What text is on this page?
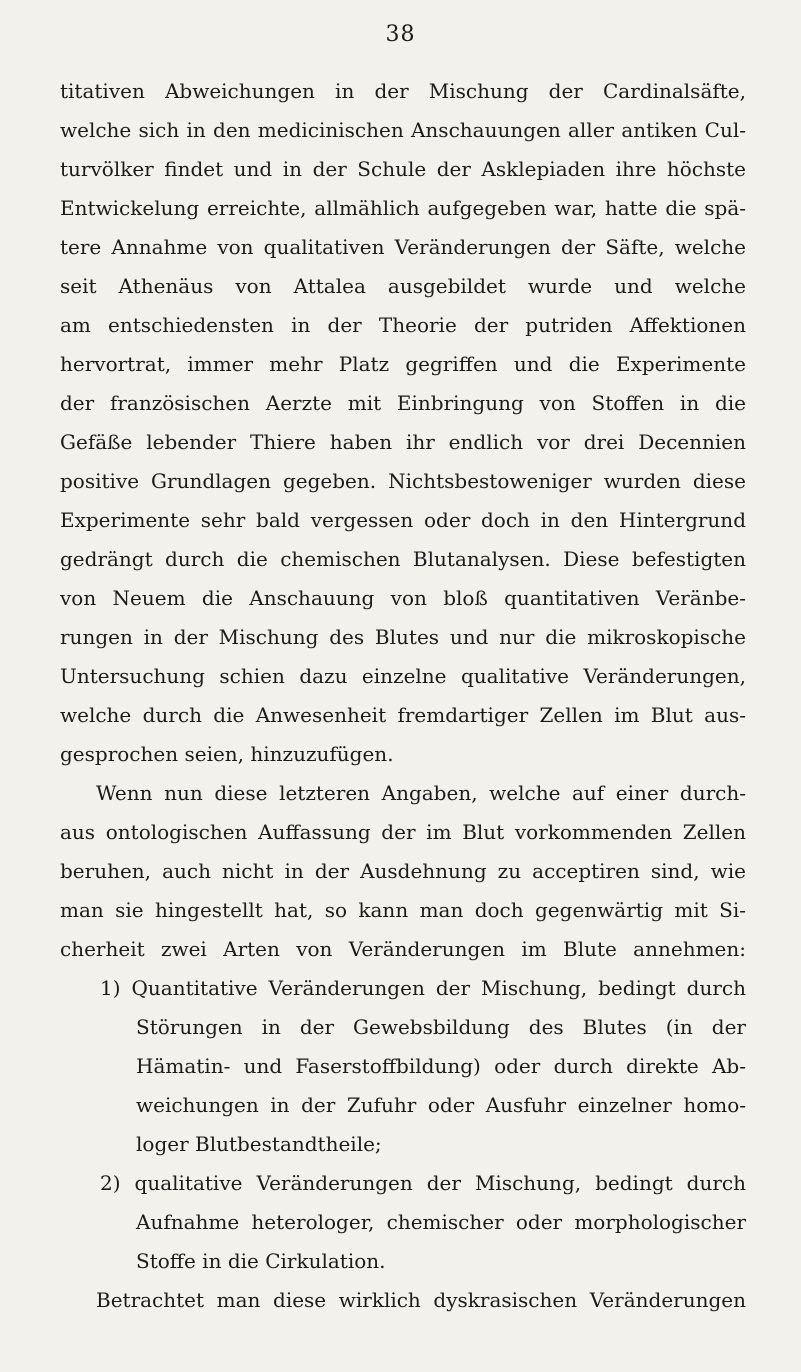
38
titativen Abweichungen in der Mischung der Cardinalsäfte,
welche sich in den medicinischen Anschauungen aller antiken Cul-
turvölker findet und in der Schule der Asklepiaden ihre höchste
Entwickelung erreichte, allmählich aufgegeben war, hatte die spä-
tere Annahme von qualitativen Veränderungen der Säfte, welche
seit Athenäus von Attalea ausgebildet wurde und welche
am entschiedensten in der Theorie der putriden Affektionen
hervortrat, immer mehr Platz gegriffen und die Experimente
der französischen Aerzte mit Einbringung von Stoffen in die
Gefäße lebender Thiere haben ihr endlich vor drei Decennien
positive Grundlagen gegeben. Nichtsbestoweniger wurden diese
Experimente sehr bald vergessen oder doch in den Hintergrund
gedrängt durch die chemischen Blutanalysen. Diese befestigten
von Neuem die Anschauung von bloß quantitativen Veränbe-
rungen in der Mischung des Blutes und nur die mikroskopische
Untersuchung schien dazu einzelne qualitative Veränderungen,
welche durch die Anwesenheit fremdartiger Zellen im Blut aus-
gesprochen seien, hinzuzufügen.
Wenn nun diese letzteren Angaben, welche auf einer durch-
aus ontologischen Auffassung der im Blut vorkommenden Zellen
beruhen, auch nicht in der Ausdehnung zu acceptiren sind, wie
man sie hingestellt hat, so kann man doch gegenwärtig mit Si-
cherheit zwei Arten von Veränderungen im Blute annehmen:
1) Quantitative Veränderungen der Mischung, bedingt durch
Störungen in der Gewebsbildung des Blutes (in der
Hämatin- und Faserstoffbildung) oder durch direkte Ab-
weichungen in der Zufuhr oder Ausfuhr einzelner homo-
loger Blutbestandtheile;
2) qualitative Veränderungen der Mischung, bedingt durch
Aufnahme heterologer, chemischer oder morphologischer
Stoffe in die Cirkulation.
Betrachtet man diese wirklich dyskrasischen Veränderungen
